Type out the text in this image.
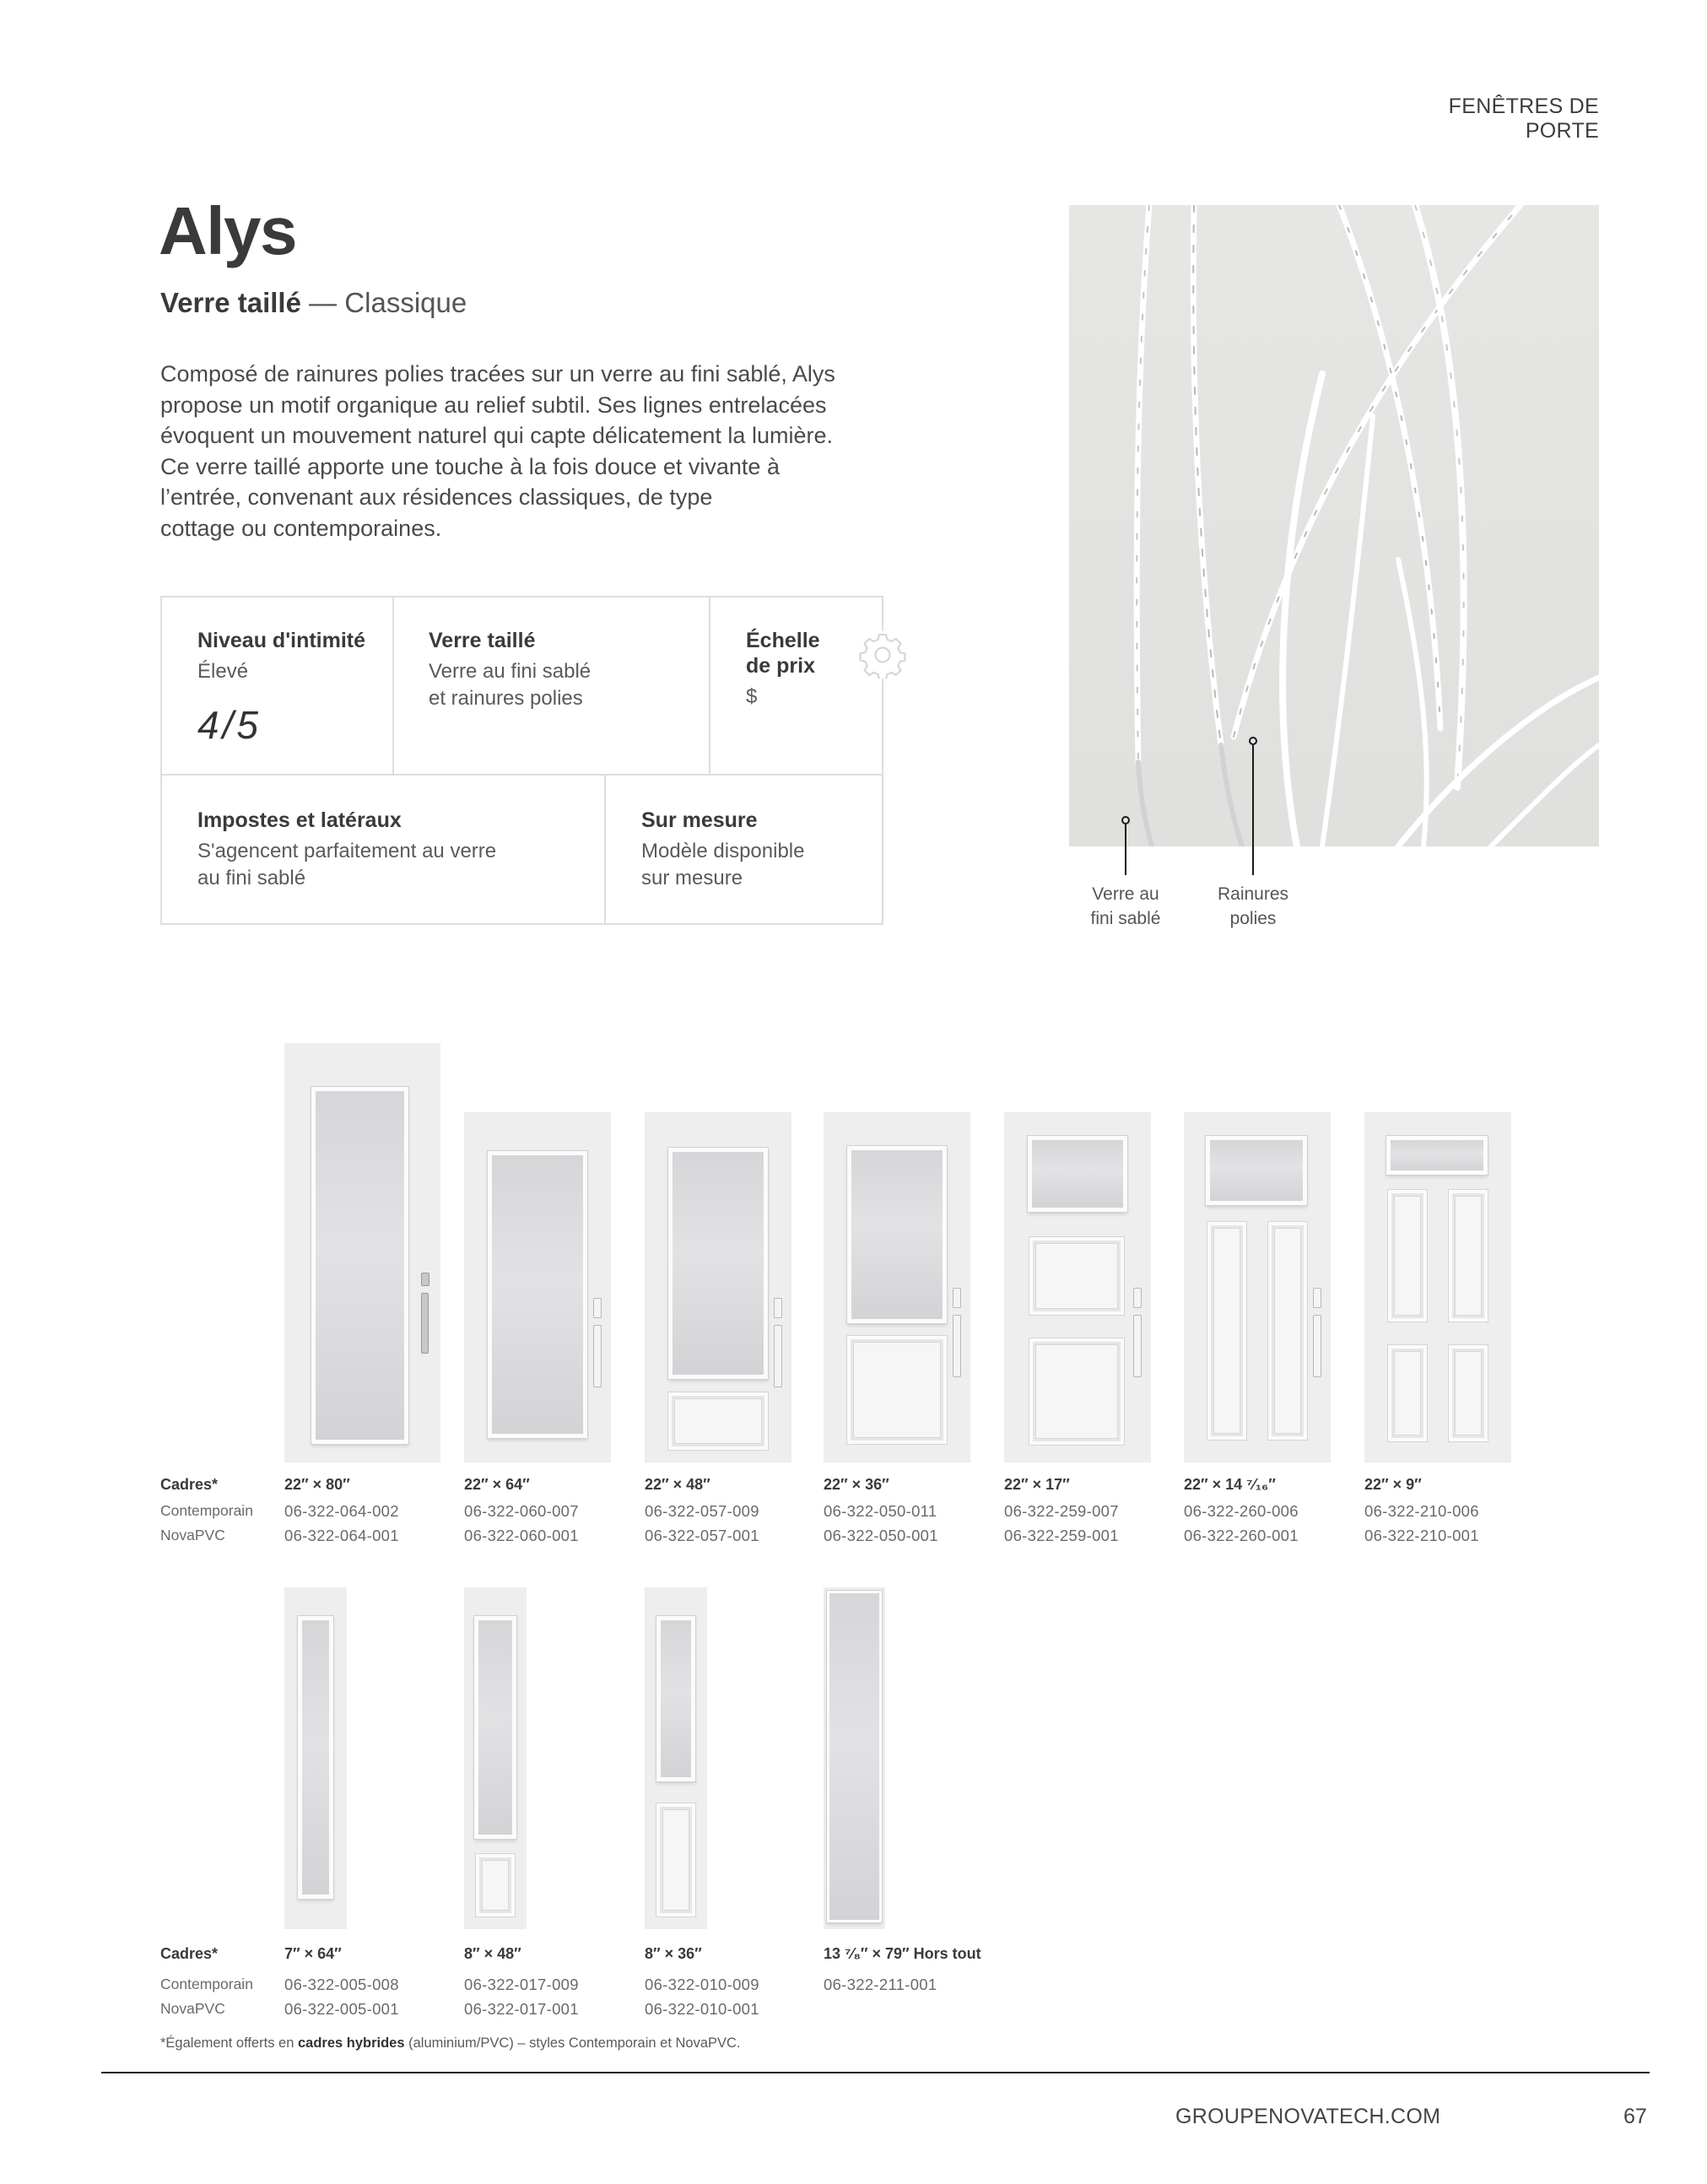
FENÊTRES DE PORTE
Alys
Verre taillé — Classique
Composé de rainures polies tracées sur un verre au fini sablé, Alys
propose un motif organique au relief subtil. Ses lignes entrelacées
évoquent un mouvement naturel qui capte délicatement la lumière.
Ce verre taillé apporte une touche à la fois douce et vivante à
l’entrée, convenant aux résidences classiques, de type
cottage ou contemporaines.
Niveau d'intimité
Élevé
4/5
Verre taillé
Verre au fini sablé
et rainures polies
Échelle
de prix
$
Impostes et latéraux
S'agencent parfaitement au verre
au fini sablé
Sur mesure
Modèle disponible
sur mesure
Verre au
fini sablé
Rainures
polies
Cadres*
Contemporain
NovaPVC
22″ × 80″
06-322-064-002
06-322-064-001
22″ × 64″
06-322-060-007
06-322-060-001
22″ × 48″
06-322-057-009
06-322-057-001
22″ × 36″
06-322-050-011
06-322-050-001
22″ × 17″
06-322-259-007
06-322-259-001
22″ × 14 ⁷⁄₁₆″
06-322-260-006
06-322-260-001
22″ × 9″
06-322-210-006
06-322-210-001
Cadres*
Contemporain
NovaPVC
7″ × 64″
06-322-005-008
06-322-005-001
8″ × 48″
06-322-017-009
06-322-017-001
8″ × 36″
06-322-010-009
06-322-010-001
13 ⁷⁄₈″ × 79″ Hors tout
06-322-211-001
*Également offerts en cadres hybrides (aluminium/PVC) – styles Contemporain et NovaPVC.
GROUPENOVATECH.COM	67
